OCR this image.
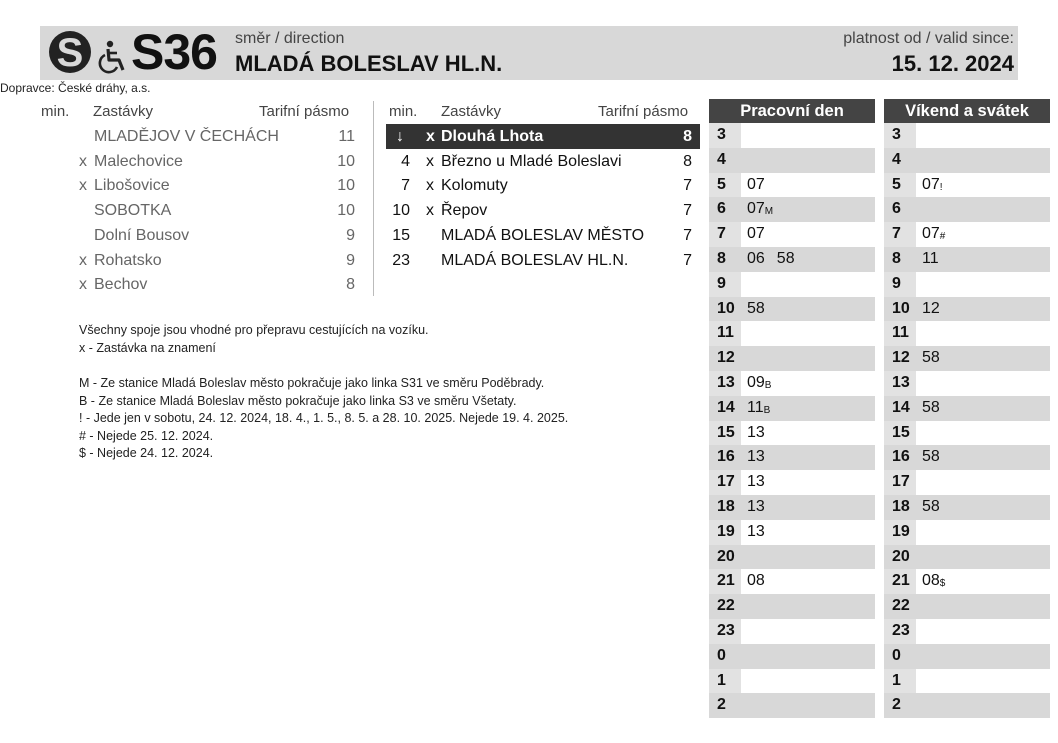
S S36 směr / direction
MLADÁ BOLESLAV HL.N.
platnost od / valid since:
15. 12. 2024
Dopravce: České dráhy, a.s.
min. Zastávky	Tarifní pásmo
MLADĚJOV V ČECHÁCH	11
x Malechovice	10
x Libošovice	10
SOBOTKA	10
Dolní Bousov	9
x Rohatsko	9
x Bechov	8
min. Zastávky	Tarifní pásmo
↓	x Dlouhá Lhota	8
4 x Březno u Mladé Boleslavi	8
7 x Kolomuty	7
10 x Řepov	7
15 MLADÁ BOLESLAV MĚSTO 7
23 MLADÁ BOLESLAV HL.N.	7

Všechny spoje jsou vhodné pro přepravu cestujících na vozíku.

x - Zastávka na znamení

M - Ze stanice Mladá Boleslav město pokračuje jako linka S31 ve směru Poděbrady.

B - Ze stanice Mladá Boleslav město pokračuje jako linka S3 ve směru Všetaty.

! - Jede jen v sobotu, 24. 12. 2024, 18. 4., 1. 5., 8. 5. a 28. 10. 2025. Nejede 19. 4. 2025.

# - Nejede 25. 12. 2024.

$ - Nejede 24. 12. 2024.

Pracovní den
3
4
5	07
6	$07_M$
7	07
8	06 58
9
10 58
11
12
13 $09_B$
14 $11_B$
15 13
16 13
17 13
18 13
19 13
20
21 08
22
23
0
1
2
Víkend a svátek
3
4
5	$07_!$
6
7	$07_{\#}$
8	11
9
10 12
11
12 58
13
14 58
15
16 58
17
18 58
19
20
21 $08_{\$}$
22
23
0
1
2
